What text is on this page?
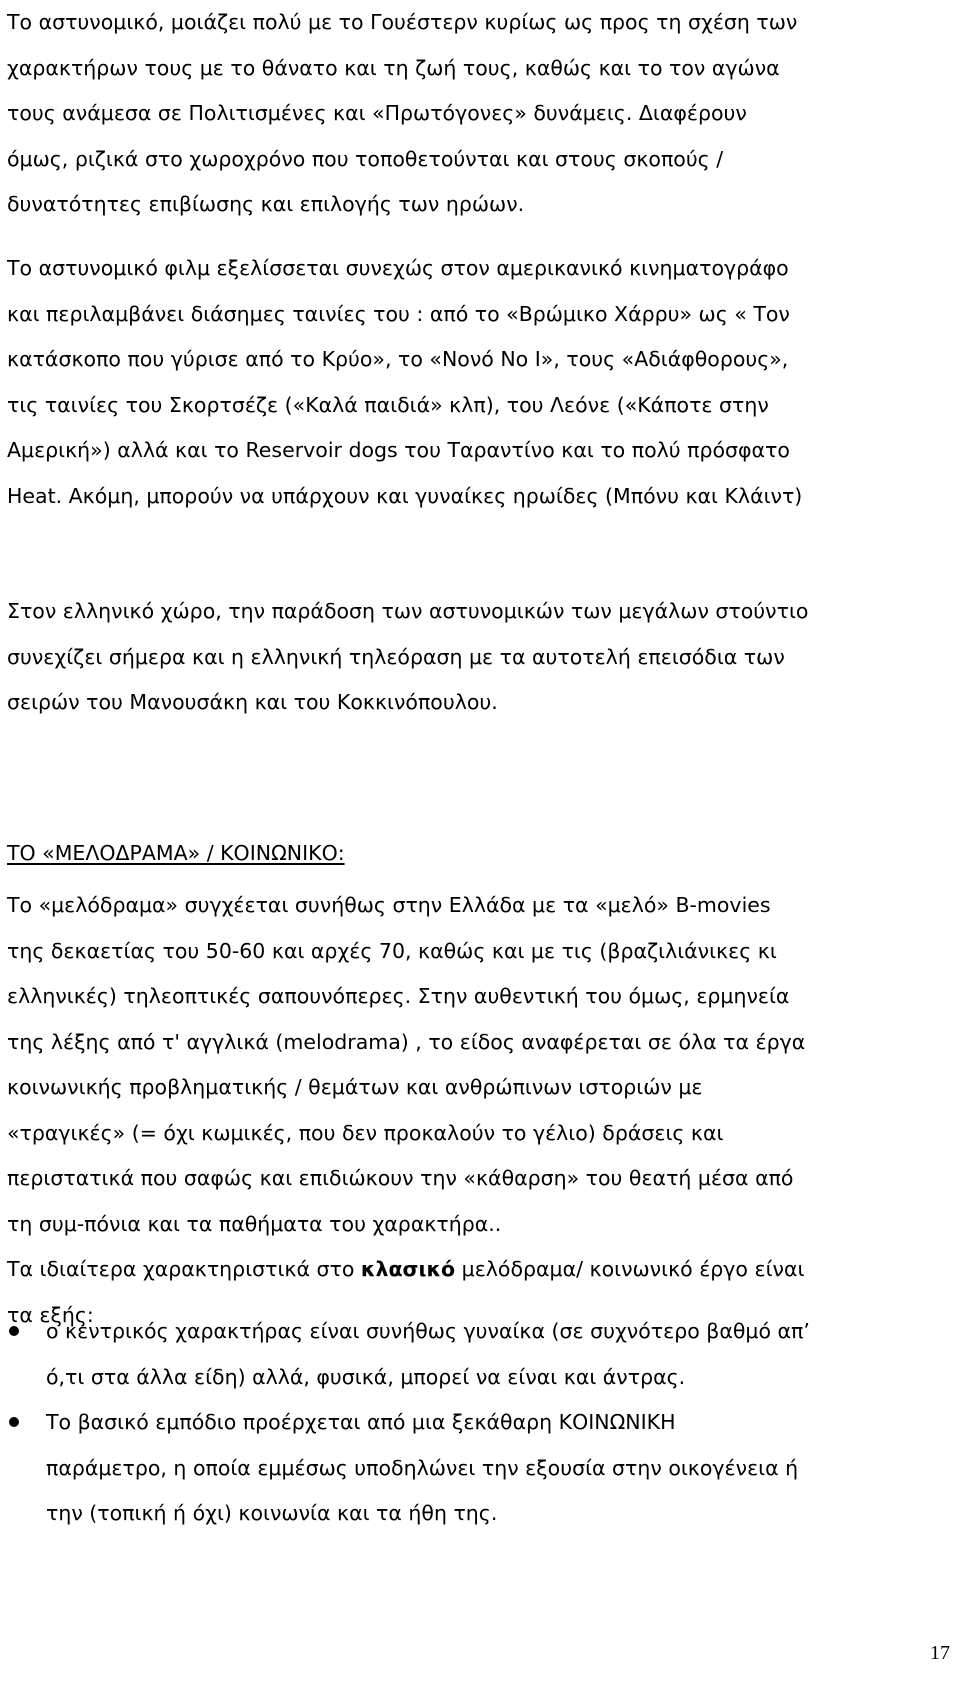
Το αστυνομικό, μοιάζει πολύ με το Γουέστερν κυρίως ως προς τη σχέση των

χαρακτήρων τους με το θάνατο και τη ζωή τους, καθώς και το τον αγώνα

τους ανάμεσα σε Πολιτισμένες και «Πρωτόγονες» δυνάμεις. Διαφέρουν

όμως, ριζικά στο χωροχρόνο που τοποθετούνται και στους σκοπούς /

δυνατότητες επιβίωσης και επιλογής των ηρώων.

Το αστυνομικό φιλμ εξελίσσεται συνεχώς στον αμερικανικό κινηματογράφο

και περιλαμβάνει διάσημες ταινίες του : από το «Βρώμικο Χάρρυ» ως « Τον

κατάσκοπο που γύρισε από το Κρύο», το «Νονό Νο Ι», τους «Αδιάφθορους»,

τις ταινίες του Σκορτσέζε («Καλά παιδιά» κλπ), του Λεόνε («Κάποτε στην

Αμερική») αλλά και το Reservoir dogs του Ταραντίνο και το πολύ πρόσφατο

Heat. Ακόμη, μπορούν να υπάρχουν και γυναίκες ηρωίδες (Μπόνυ και Κλάιντ)

Στον ελληνικό χώρο, την παράδοση των αστυνομικών των μεγάλων στούντιο

συνεχίζει σήμερα και η ελληνική τηλεόραση με τα αυτοτελή επεισόδια των

σειρών του Μανουσάκη και του Κοκκινόπουλου.

ΤΟ «ΜΕΛΟΔΡΑΜΑ» / ΚΟΙΝΩΝΙΚΟ:

Το «μελόδραμα» συγχέεται συνήθως στην Ελλάδα με τα «μελό» B-movies

της δεκαετίας του 50-60 και αρχές 70, καθώς και με τις (βραζιλιάνικες κι

ελληνικές) τηλεοπτικές σαπουνόπερες. Στην αυθεντική του όμως, ερμηνεία

της λέξης από τ' αγγλικά (melodrama) , το είδος αναφέρεται σε όλα τα έργα

κοινωνικής προβληματικής / θεμάτων και ανθρώπινων ιστοριών με

«τραγικές» (= όχι κωμικές, που δεν προκαλούν το γέλιο) δράσεις και

περιστατικά που σαφώς και επιδιώκουν την «κάθαρση» του θεατή μέσα από

τη συμ-πόνια και τα παθήματα του χαρακτήρα..

Τα ιδιαίτερα χαρακτηριστικά στο κλασικό μελόδραμα/ κοινωνικό έργο είναι

τα εξής:

ο κεντρικός χαρακτήρας είναι συνήθως γυναίκα (σε συχνότερο βαθμό απ’
ό,τι στα άλλα είδη) αλλά, φυσικά, μπορεί να είναι και άντρας.
Το βασικό εμπόδιο προέρχεται από μια ξεκάθαρη ΚΟΙΝΩΝΙΚΗ
παράμετρο, η οποία εμμέσως υποδηλώνει την εξουσία στην οικογένεια ή
την (τοπική ή όχι) κοινωνία και τα ήθη της.
17
